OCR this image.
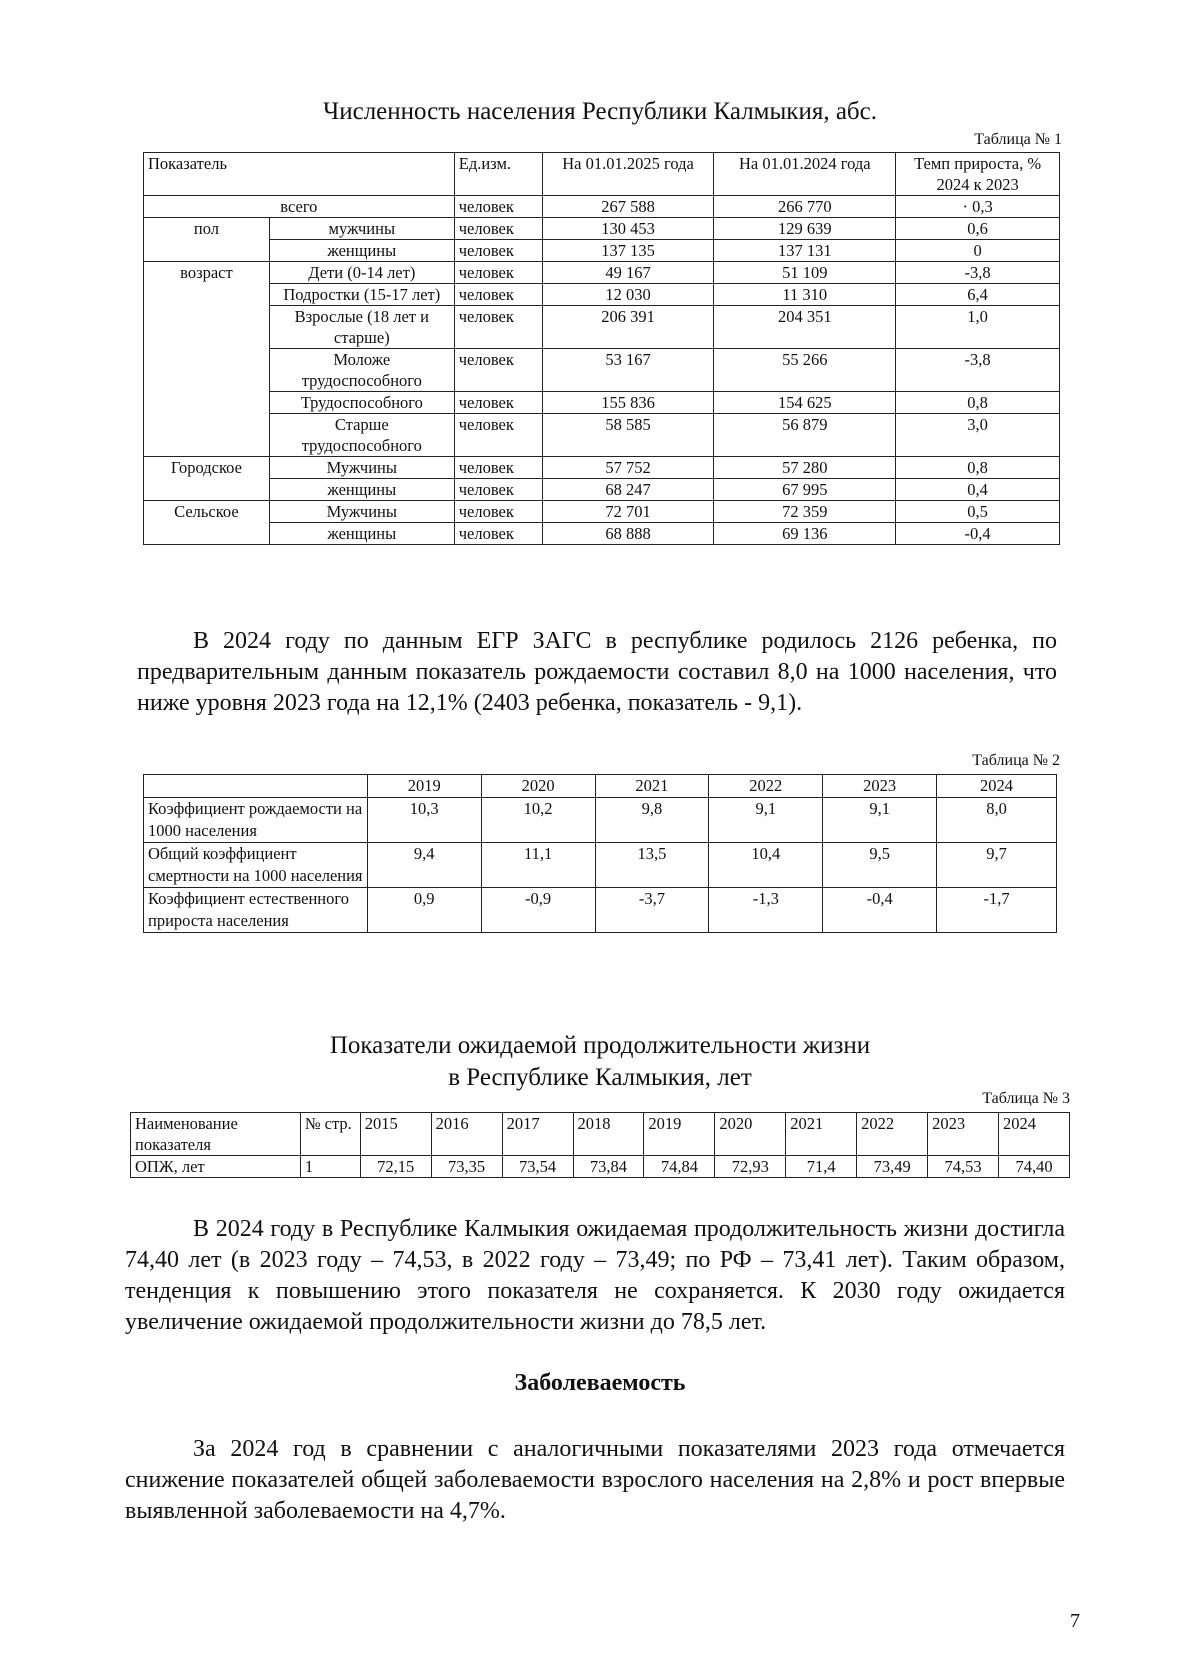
Численность населения Республики Калмыкия, абс.
Таблица № 1
Показатель		Ед.изм.	На 01.01.2025 года	На 01.01.2024 года	Темп прироста, % 2024 к 2023
всего		человек	267 588	266 770	· 0,3
пол	мужчины	человек	130 453	129 639	0,6
	женщины	человек	137 135	137 131	0
возраст	Дети (0-14 лет)	человек	49 167	51 109	-3,8
	Подростки (15-17 лет)	человек	12 030	11 310	6,4
	Взрослые (18 лет и старше)	человек	206 391	204 351	1,0
	Моложе трудоспособного	человек	53 167	55 266	-3,8
	Трудоспособного	человек	155 836	154 625	0,8
	Старше трудоспособного	человек	58 585	56 879	3,0
Городское	Мужчины	человек	57 752	57 280	0,8
	женщины	человек	68 247	67 995	0,4
Сельское	Мужчины	человек	72 701	72 359	0,5
	женщины	человек	68 888	69 136	-0,4
В 2024 году по данным ЕГР ЗАГС в республике родилось 2126 ребенка, по предварительным данным показатель рождаемости составил 8,0 на 1000 населения, что ниже уровня 2023 года на 12,1% (2403 ребенка, показатель - 9,1).
Таблица № 2
	2019	2020	2021	2022	2023	2024
Коэффициент рождаемости на 1000 населения	10,3	10,2	9,8	9,1	9,1	8,0
Общий коэффициент смертности на 1000 населения	9,4	11,1	13,5	10,4	9,5	9,7
Коэффициент естественного прироста населения	0,9	-0,9	-3,7	-1,3	-0,4	-1,7
Показатели ожидаемой продолжительности жизни
в Республике Калмыкия, лет
Таблица № 3
Наименование показателя	№ стр.	2015	2016	2017	2018	2019	2020	2021	2022	2023	2024
ОПЖ, лет	1	72,15	73,35	73,54	73,84	74,84	72,93	71,4	73,49	74,53	74,40
В 2024 году в Республике Калмыкия ожидаемая продолжительность жизни достигла 74,40 лет (в 2023 году – 74,53, в 2022 году – 73,49; по РФ – 73,41 лет). Таким образом, тенденция к повышению этого показателя не сохраняется. К 2030 году ожидается увеличение ожидаемой продолжительности жизни до 78,5 лет.
Заболеваемость
За 2024 год в сравнении с аналогичными показателями 2023 года отмечается снижение показателей общей заболеваемости взрослого населения на 2,8% и рост впервые выявленной заболеваемости на 4,7%.
7
